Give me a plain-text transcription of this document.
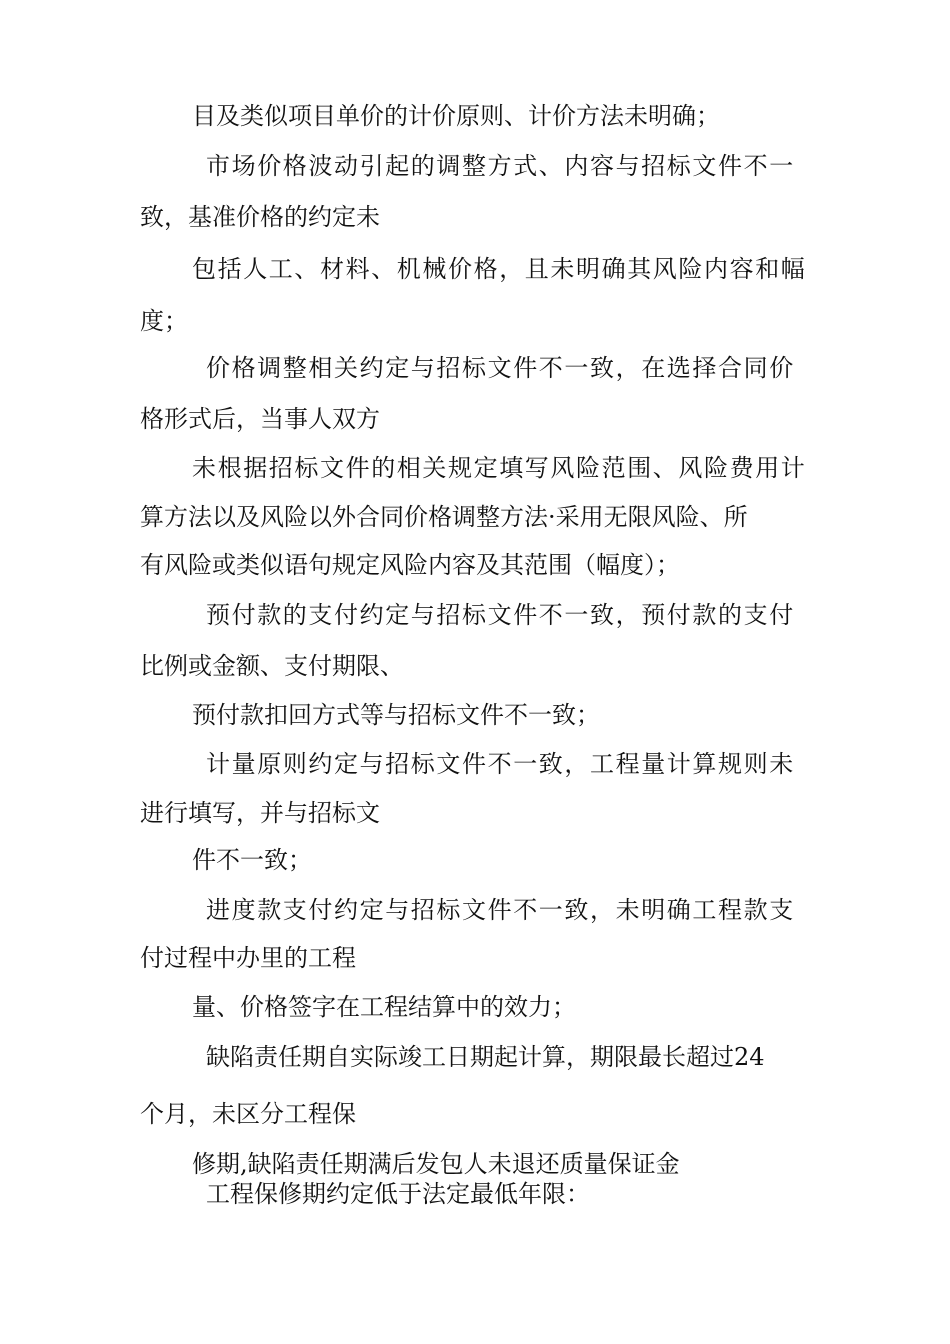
目及类似项目单价的计价原则、计价方法未明确；
市场价格波动引起的调整方式、内容与招标文件不一
致，基准价格的约定未
包括人工、材料、机械价格，且未明确其风险内容和幅
度；
价格调整相关约定与招标文件不一致，在选择合同价
格形式后，当事人双方
未根据招标文件的相关规定填写风险范围、风险费用计
算方法以及风险以外合同价格调整方法·采用无限风险、所
有风险或类似语句规定风险内容及其范围（幅度）；
预付款的支付约定与招标文件不一致，预付款的支付
比例或金额、支付期限、
预付款扣回方式等与招标文件不一致；
计量原则约定与招标文件不一致，工程量计算规则未
进行填写，并与招标文
件不一致；
进度款支付约定与招标文件不一致，未明确工程款支
付过程中办里的工程
量、价格签字在工程结算中的效力；
缺陷责任期自实际竣工日期起计算，期限最长超过24
个月，未区分工程保
修期,缺陷责任期满后发包人未退还质量保证金
工程保修期约定低于法定最低年限：
